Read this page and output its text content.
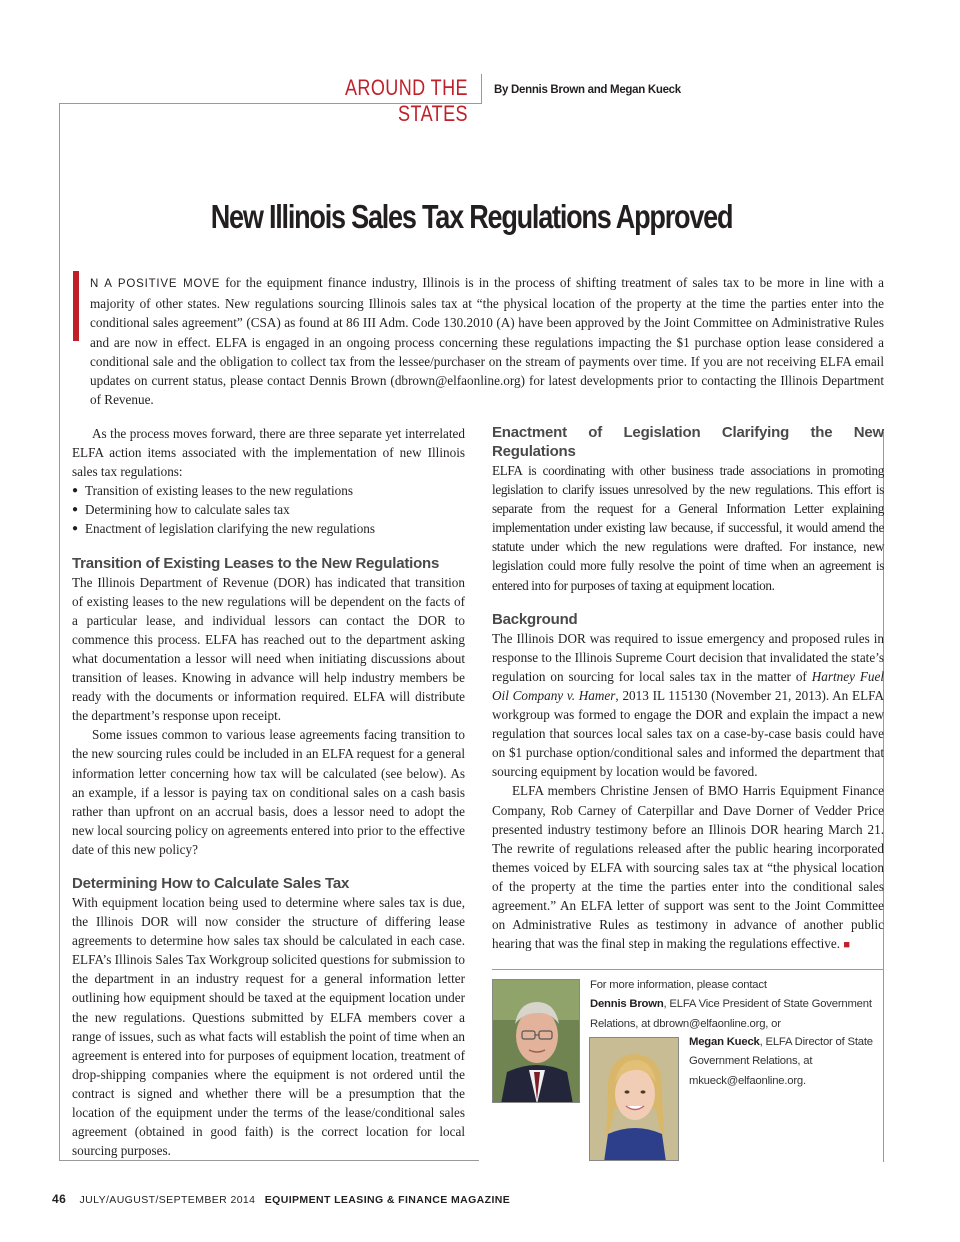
AROUND THE STATES
By Dennis Brown and Megan Kueck
New Illinois Sales Tax Regulations Approved

N A POSITIVE MOVE for the equipment finance industry, Illinois is in the process of shifting treatment of sales tax to be more in line with a majority of other states. New regulations sourcing Illinois sales tax at “the physical location of the property at the time the parties enter into the conditional sales agreement” (CSA) as found at 86 III Adm. Code 130.2010 (A) have been approved by the Joint Committee on Administrative Rules and are now in effect. ELFA is engaged in an ongoing process concerning these regulations impacting the $1 purchase option lease considered a conditional sale and the obligation to collect tax from the lessee/purchaser on the stream of payments over time. If you are not receiving ELFA email updates on current status, please contact Dennis Brown (dbrown@elfaonline.org) for latest developments prior to contacting the Illinois Department of Revenue.

As the process moves forward, there are three separate yet interrelated ELFA action items associated with the implementation of new Illinois sales tax regulations:

● Transition of existing leases to the new regulations
● Determining how to calculate sales tax
● Enactment of legislation clarifying the new regulations
Transition of Existing Leases to the New Regulations

The Illinois Department of Revenue (DOR) has indicated that transition of existing leases to the new regulations will be dependent on the facts of a particular lease, and individual lessors can contact the DOR to commence this process. ELFA has reached out to the department asking what documentation a lessor will need when initiating discussions about transition of leases. Knowing in advance will help industry members be ready with the documents or information required. ELFA will distribute the department’s response upon receipt.

Some issues common to various lease agreements facing transition to the new sourcing rules could be included in an ELFA request for a general information letter concerning how tax will be calculated (see below). As an example, if a lessor is paying tax on conditional sales on a cash basis rather than upfront on an accrual basis, does a lessor need to adopt the new local sourcing policy on agreements entered into prior to the effective date of this new policy?

Determining How to Calculate Sales Tax

With equipment location being used to determine where sales tax is due, the Illinois DOR will now consider the structure of differing lease agreements to determine how sales tax should be calculated in each case. ELFA’s Illinois Sales Tax Workgroup solicited questions for submission to the department in an industry request for a general information letter outlining how equipment should be taxed at the equipment location under the new regulations. Questions submitted by ELFA members cover a range of issues, such as what facts will establish the point of time when an agreement is entered into for purposes of equipment location, treatment of drop-shipping companies where the equipment is not ordered until the contract is signed and whether there will be a presumption that the location of the equipment under the terms of the lease/conditional sales agreement (obtained in good faith) is the correct location for local sourcing purposes.

Enactment of Legislation Clarifying the New Regulations

ELFA is coordinating with other business trade associations in promoting legislation to clarify issues unresolved by the new regulations. This effort is separate from the request for a General Information Letter explaining implementation under existing law because, if successful, it would amend the statute under which the new regulations were drafted. For instance, new legislation could more fully resolve the point of time when an agreement is entered into for purposes of taxing at equipment location.

Background

The Illinois DOR was required to issue emergency and proposed rules in response to the Illinois Supreme Court decision that invalidated the state’s regulation on sourcing for local sales tax in the matter of Hartney Fuel Oil Company v. Hamer, 2013 IL 115130 (November 21, 2013). An ELFA workgroup was formed to engage the DOR and explain the impact a new regulation that sources local sales tax on a case-by-case basis could have on $1 purchase option/conditional sales and informed the department that sourcing equipment by location would be favored.

ELFA members Christine Jensen of BMO Harris Equipment Finance Company, Rob Carney of Caterpillar and Dave Dorner of Vedder Price presented industry testimony before an Illinois DOR hearing March 21. The rewrite of regulations released after the public hearing incorporated themes voiced by ELFA with sourcing sales tax at “the physical location of the property at the time the parties enter into the conditional sales agreement.” An ELFA letter of support was sent to the Joint Committee on Administrative Rules as testimony in advance of another public hearing that was the final step in making the regulations effective. ■

For more information, please contact
Dennis Brown, ELFA Vice President of State Government Relations, at dbrown@elfaonline.org, or
Megan Kueck, ELFA Director of State Government Relations, at mkueck@elfaonline.org.
46 JULY/AUGUST/SEPTEMBER 2014 EQUIPMENT LEASING & FINANCE MAGAZINE
